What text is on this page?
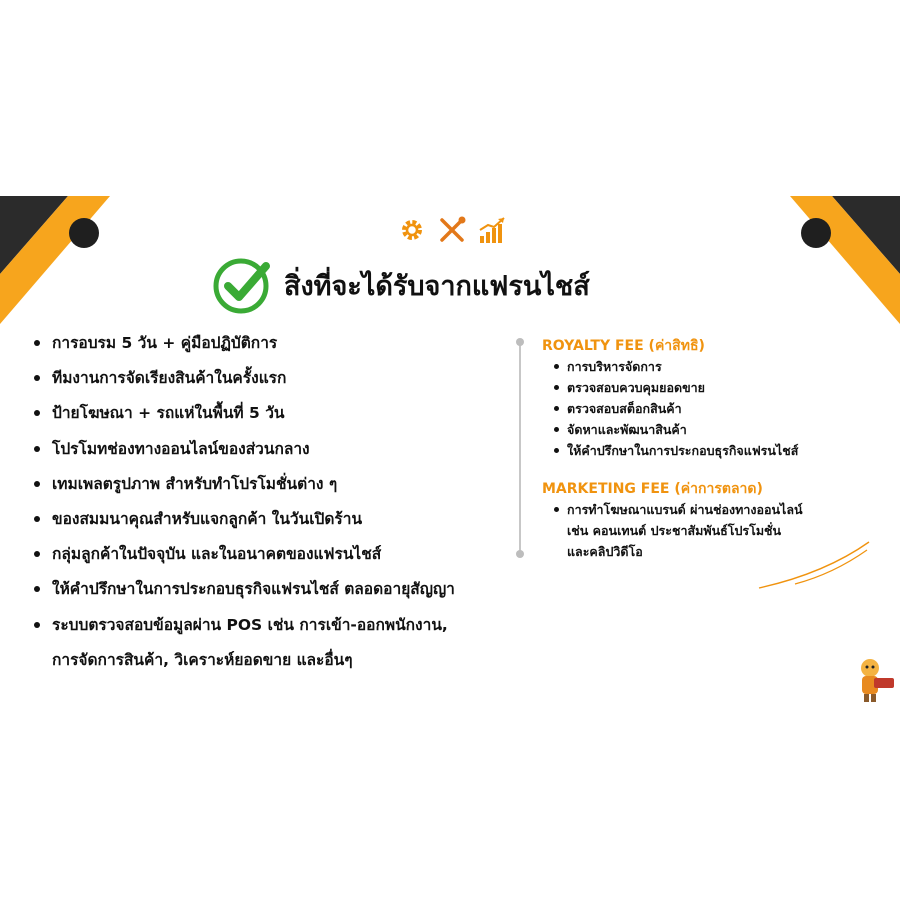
สิ่งที่จะได้รับจากแฟรนไชส์
การอบรม 5 วัน + คู่มือปฏิบัติการ
ทีมงานการจัดเรียงสินค้าในครั้งแรก
ป้ายโฆษณา + รถแห่ในพื้นที่ 5 วัน
โปรโมทช่องทางออนไลน์ของส่วนกลาง
เทมเพลตรูปภาพ สำหรับทำโปรโมชั่นต่าง ๆ
ของสมมนาคุณสำหรับแจกลูกค้า ในวันเปิดร้าน
กลุ่มลูกค้าในปัจจุบัน และในอนาคตของแฟรนไชส์
ให้คำปรึกษาในการประกอบธุรกิจแฟรนไชส์ ตลอดอายุสัญญา
ระบบตรวจสอบข้อมูลผ่าน POS เช่น การเข้า-ออกพนักงาน,
การจัดการสินค้า, วิเคราะห์ยอดขาย และอื่นๆ
ROYALTY FEE (ค่าสิทธิ)
การบริหารจัดการ
ตรวจสอบควบคุมยอดขาย
ตรวจสอบสต็อกสินค้า
จัดหาและพัฒนาสินค้า
ให้คำปรึกษาในการประกอบธุรกิจแฟรนไชส์
MARKETING FEE (ค่าการตลาด)
การทำโฆษณาแบรนด์ ผ่านช่องทางออนไลน์
เช่น คอนเทนต์ ประชาสัมพันธ์โปรโมชั่น
และคลิปวิดีโอ
